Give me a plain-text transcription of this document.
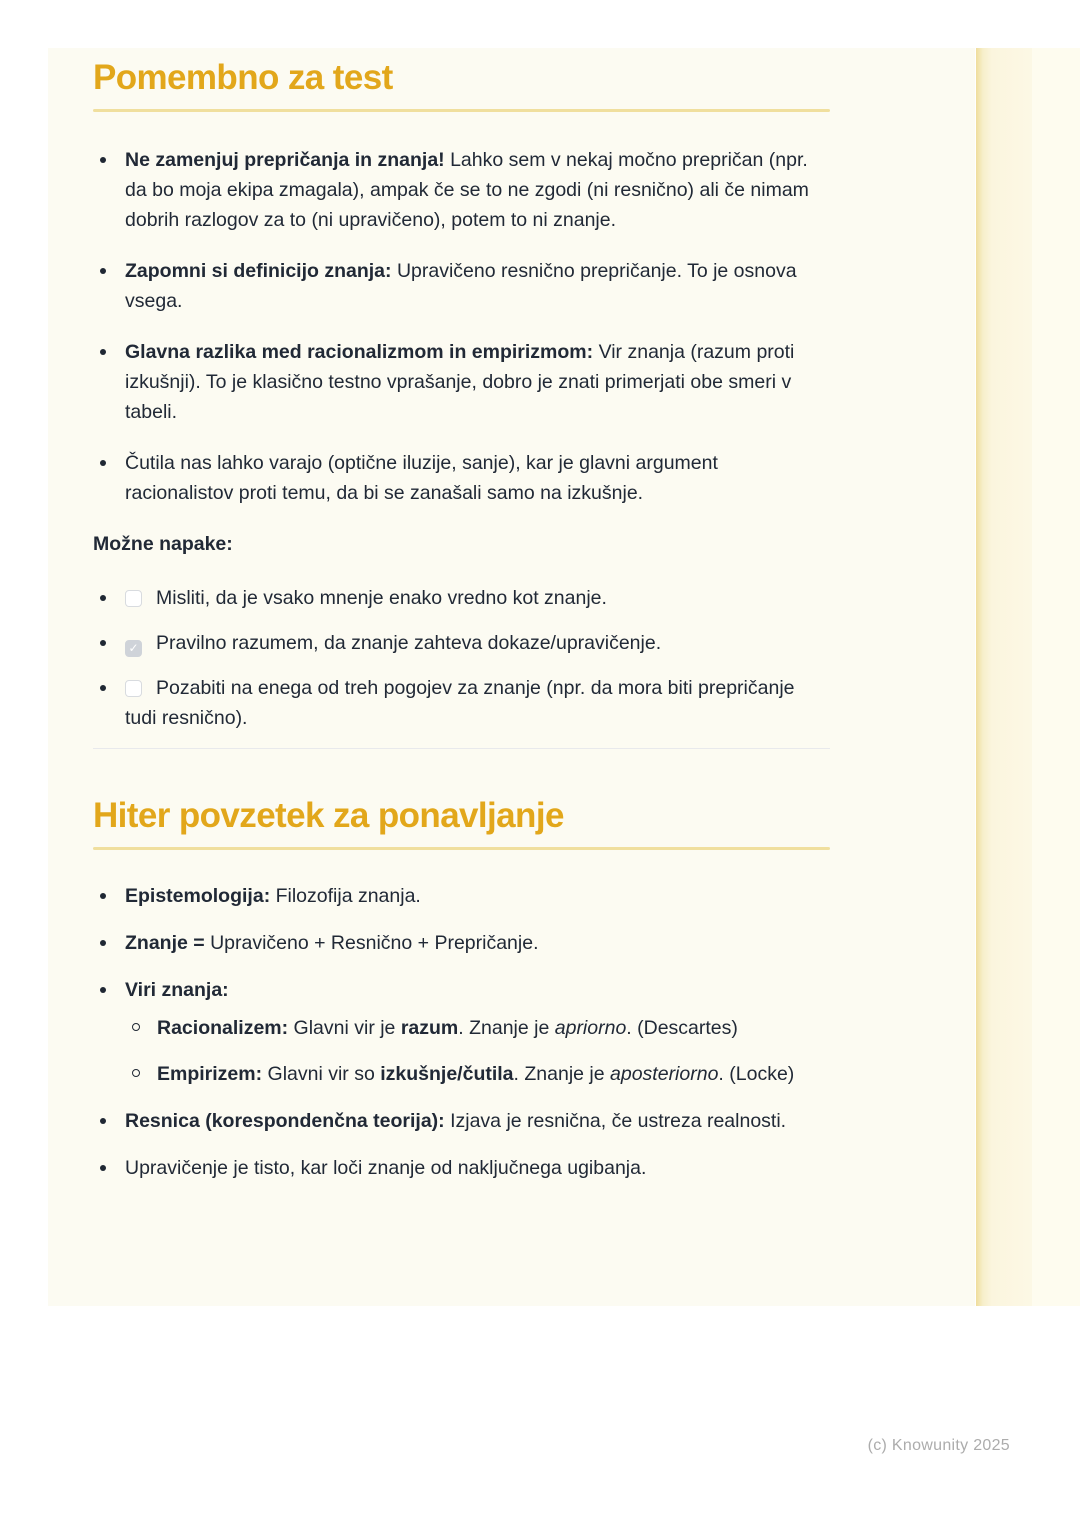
Pomembno za test
Ne zamenjuj prepričanja in znanja! Lahko sem v nekaj močno prepričan (npr. da bo moja ekipa zmagala), ampak če se to ne zgodi (ni resnično) ali če nimam dobrih razlogov za to (ni upravičeno), potem to ni znanje.
Zapomni si definicijo znanja: Upravičeno resnično prepričanje. To je osnova vsega.
Glavna razlika med racionalizmom in empirizmom: Vir znanja (razum proti izkušnji). To je klasično testno vprašanje, dobro je znati primerjati obe smeri v tabeli.
Čutila nas lahko varajo (optične iluzije, sanje), kar je glavni argument racionalistov proti temu, da bi se zanašali samo na izkušnje.

Možne napake:

Misliti, da je vsako mnenje enako vredno kot znanje.
✓ Pravilno razumem, da znanje zahteva dokaze/upravičenje.
Pozabiti na enega od treh pogojev za znanje (npr. da mora biti prepričanje tudi resnično).
Hiter povzetek za ponavljanje
Epistemologija: Filozofija znanja.
Znanje = Upravičeno + Resnično + Prepričanje.
Viri znanja:
Racionalizem: Glavni vir je razum. Znanje je apriorno. (Descartes)
Empirizem: Glavni vir so izkušnje/čutila. Znanje je aposteriorno. (Locke)
Resnica (korespondenčna teorija): Izjava je resnična, če ustreza realnosti.
Upravičenje je tisto, kar loči znanje od naključnega ugibanja.
(c) Knowunity 2025
